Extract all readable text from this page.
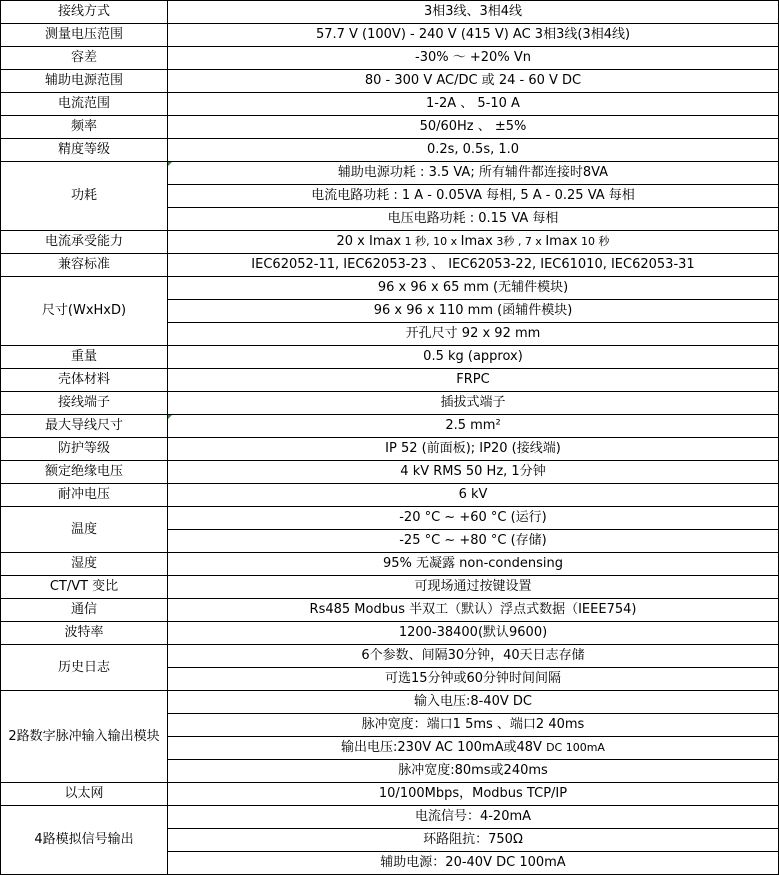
接线方式	3相3线、3相4线
测量电压范围	57.7 V (100V) - 240 V (415 V) AC 3相3线(3相4线)
容差	-30% ～ +20% Vn
辅助电源范围	80 - 300 V AC/DC 或 24 - 60 V DC
电流范围	1-2A 、 5-10 A
频率	50/60Hz 、 ±5%
精度等级	0.2s, 0.5s, 1.0
功耗	辅助电源功耗 : 3.5 VA; 所有辅件都连接时8VA
	电流电路功耗 : 1 A - 0.05VA 每相, 5 A - 0.25 VA 每相
	电压电路功耗 : 0.15 VA 每相
电流承受能力	20 x Imax 1 秒, 10 x Imax 3秒 , 7 x Imax 10 秒
兼容标准	IEC62052-11, IEC62053-23 、 IEC62053-22, IEC61010, IEC62053-31
尺寸(WxHxD)	96 x 96 x 65 mm (无辅件模块)
	96 x 96 x 110 mm (函辅件模块)
	开孔尺寸 92 x 92 mm
重量	0.5 kg (approx)
壳体材料	FRPC
接线端子	插拔式端子
最大导线尺寸	2.5 mm²
防护等级	IP 52 (前面板); IP20 (接线端)
额定绝缘电压	4 kV RMS 50 Hz, 1分钟
耐冲电压	6 kV
温度	-20 °C ~ +60 °C (运行)
	-25 °C ~ +80 °C (存储)
湿度	95% 无凝露 non-condensing
CT/VT 变比	可现场通过按键设置
通信	Rs485 Modbus 半双工（默认）浮点式数据（IEEE754)
波特率	1200-38400(默认9600)
历史日志	6个参数、间隔30分钟，40天日志存储
	可选15分钟或60分钟时间间隔
2路数字脉冲输入输出模块	输入电压:8-40V DC
	脉冲宽度：端口1 5ms 、端口2 40ms
	输出电压:230V AC 100mA或48V DC 100mA
	脉冲宽度:80ms或240ms
以太网	10/100Mbps，Modbus TCP/IP
4路模拟信号输出	电流信号：4-20mA
	环路阻抗：750Ω
	辅助电源：20-40V DC 100mA
